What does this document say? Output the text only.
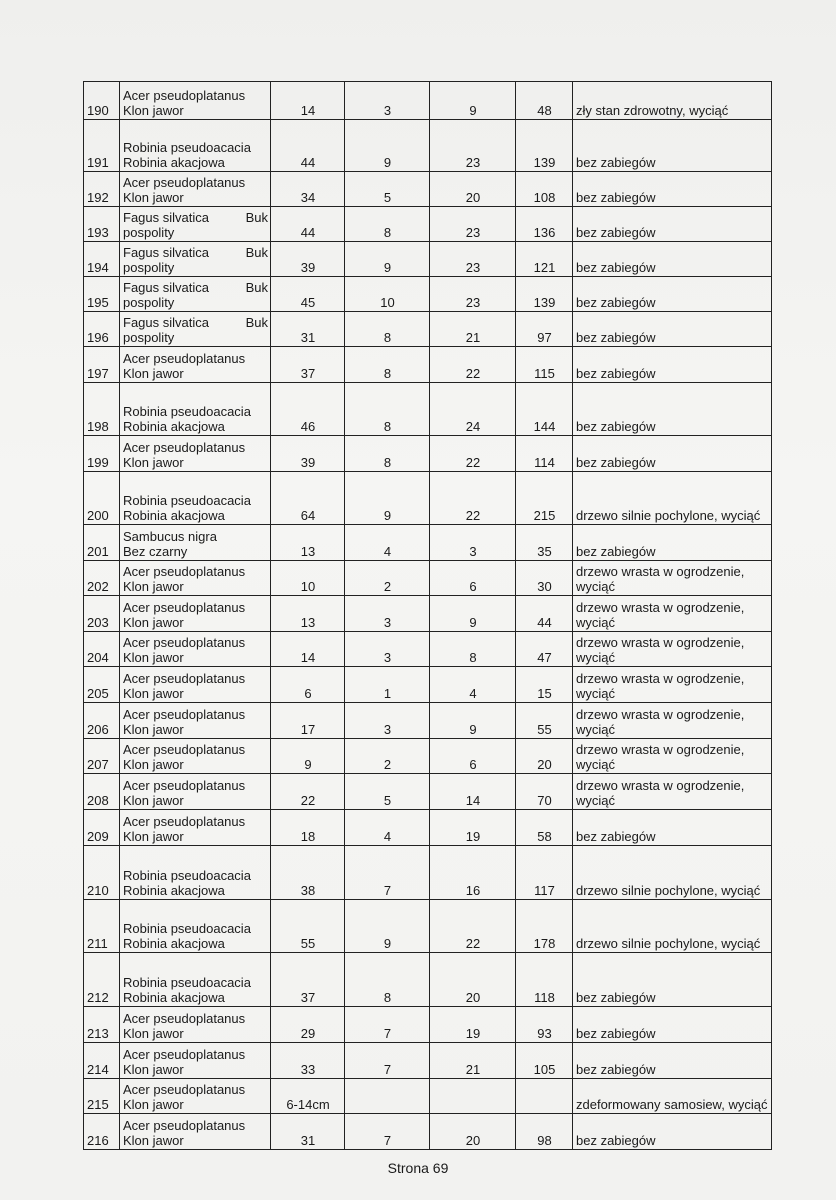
190	Acer pseudoplatanus
Klon jawor	14	3	9	48	zły stan zdrowotny, wyciąć
191	Robinia pseudoacacia
Robinia akacjowa	44	9	23	139	bez zabiegów
192	Acer pseudoplatanus
Klon jawor	34	5	20	108	bez zabiegów
193	Fagus silvatica Buk
pospolity	44	8	23	136	bez zabiegów
194	Fagus silvatica Buk
pospolity	39	9	23	121	bez zabiegów
195	Fagus silvatica Buk
pospolity	45	10	23	139	bez zabiegów
196	Fagus silvatica Buk
pospolity	31	8	21	97	bez zabiegów
197	Acer pseudoplatanus
Klon jawor	37	8	22	115	bez zabiegów
198	Robinia pseudoacacia
Robinia akacjowa	46	8	24	144	bez zabiegów
199	Acer pseudoplatanus
Klon jawor	39	8	22	114	bez zabiegów
200	Robinia pseudoacacia
Robinia akacjowa	64	9	22	215	drzewo silnie pochylone, wyciąć
201	Sambucus nigra
Bez czarny	13	4	3	35	bez zabiegów
202	Acer pseudoplatanus
Klon jawor	10	2	6	30	drzewo wrasta w ogrodzenie,
wyciąć

203	Acer pseudoplatanus
Klon jawor	13	3	9	44	drzewo wrasta w ogrodzenie,
wyciąć

204	Acer pseudoplatanus
Klon jawor	14	3	8	47	drzewo wrasta w ogrodzenie,
wyciąć

205	Acer pseudoplatanus
Klon jawor	6	1	4	15	drzewo wrasta w ogrodzenie,
wyciąć

206	Acer pseudoplatanus
Klon jawor	17	3	9	55	drzewo wrasta w ogrodzenie,
wyciąć

207	Acer pseudoplatanus
Klon jawor	9	2	6	20	drzewo wrasta w ogrodzenie,
wyciąć

208	Acer pseudoplatanus
Klon jawor	22	5	14	70	drzewo wrasta w ogrodzenie,
wyciąć

209	Acer pseudoplatanus
Klon jawor	18	4	19	58	bez zabiegów
210	Robinia pseudoacacia
Robinia akacjowa	38	7	16	117	drzewo silnie pochylone, wyciąć
211	Robinia pseudoacacia
Robinia akacjowa	55	9	22	178	drzewo silnie pochylone, wyciąć
212	Robinia pseudoacacia
Robinia akacjowa	37	8	20	118	bez zabiegów
213	Acer pseudoplatanus
Klon jawor	29	7	19	93	bez zabiegów
214	Acer pseudoplatanus
Klon jawor	33	7	21	105	bez zabiegów
215	Acer pseudoplatanus
Klon jawor	6-14cm				zdeformowany samosiew, wyciąć
216	Acer pseudoplatanus
Klon jawor	31	7	20	98	bez zabiegów
Strona 69
